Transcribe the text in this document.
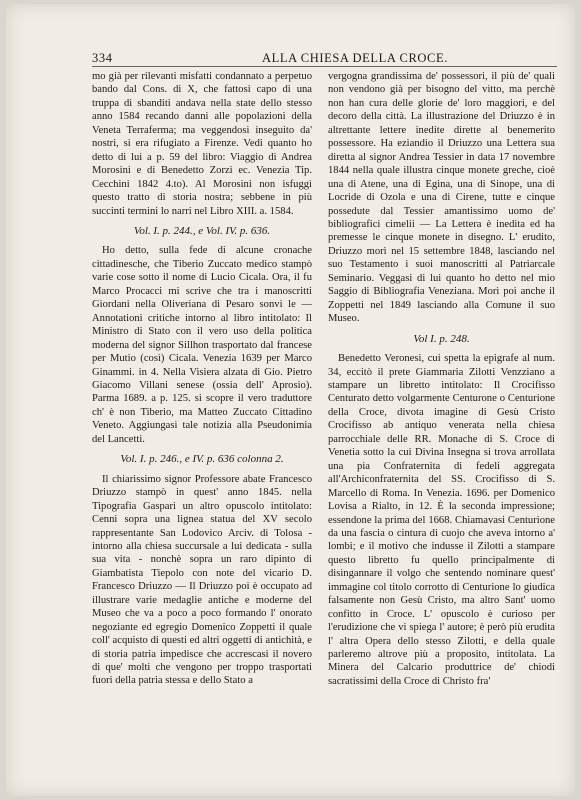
334	ALLA CHIESA DELLA CROCE.

mo già per rilevanti misfatti condannato a perpetuo bando dal Cons. di X, che fattosi capo di una truppa di sbanditi andava nella state dello stesso anno 1584 recando danni alle popolazioni della Veneta Terraferma; ma veggendosi inseguito da' nostri, si era rifugiato a Firenze. Vedi quanto ho detto di lui a p. 59 del libro: Viaggio di Andrea Morosini e di Benedetto Zorzi ec. Venezia Tip. Cecchini 1842 4.to). Al Morosini non isfuggì questo tratto di storia nostra; sebbene in più succinti termini lo narri nel Libro XIII. a. 1584.

Vol. I. p. 244., e Vol. IV. p. 636.

Ho detto, sulla fede di alcune cronache cittadinesche, che Tiberio Zuccato medico stampò varie cose sotto il nome di Lucio Cicala. Ora, il fu Marco Procacci mi scrive che tra i manoscritti Giordani nella Oliveriana di Pesaro sonvi le — Annotationi critiche intorno al libro intitolato: Il Ministro di Stato con il vero uso della politica moderna del signor Sillhon trasportato dal francese per Mutio (così) Cicala. Venezia 1639 per Marco Ginammi. in 4. Nella Visiera alzata di Gio. Pietro Giacomo Villani senese (ossia dell' Aprosio). Parma 1689. a p. 125. si scopre il vero traduttore ch' è non Tiberio, ma Matteo Zuccato Cittadino Veneto. Aggiungasi tale notizia alla Pseudonimia del Lancetti.

Vol. I. p. 246., e IV. p. 636 colonna 2.

Il chiarissimo signor Professore abate Francesco Driuzzo stampò in quest' anno 1845. nella Tipografia Gaspari un altro opuscolo intitolato: Cenni sopra una lignea statua del XV secolo rappresentante San Lodovico Arciv. di Tolosa - intorno alla chiesa succursale a lui dedicata - sulla sua vita - nonchè sopra un raro dipinto di Giambatista Tiepolo con note del vicario D. Francesco Driuzzo — Il Driuzzo poi è occupato ad illustrare varie medaglie antiche e moderne del Museo che va a poco a poco formando l' onorato negoziante ed egregio Domenico Zoppetti il quale coll' acquisto di questi ed altri oggetti di antichità, e di storia patria impedisce che accrescasi il novero di que' molti che vengono per troppo trasportati fuori della patria stessa e dello Stato a

vergogna grandissima de' possessori, il più de' quali non vendono già per bisogno del vitto, ma perchè non han cura delle glorie de' loro maggiori, e del decoro della città. La illustrazione del Driuzzo è in altrettante lettere inedite dirette al benemerito possessore. Ha eziandio il Driuzzo una Lettera sua diretta al signor Andrea Tessier in data 17 novembre 1844 nella quale illustra cinque monete greche, cioè una di Atene, una di Egina, una di Sinope, una di Locride di Ozola e una di Cirene, tutte e cinque possedute dal Tessier amantissimo uomo de' bibliografici cimelii — La Lettera è inedita ed ha premesse le cinque monete in disegno. L' erudito, Driuzzo morì nel 15 settembre 1848, lasciando nel suo Testamento i suoi manoscritti al Patriarcale Seminario. Veggasi di lui quanto ho detto nel mio Saggio di Bibliografia Veneziana. Morì poi anche il Zoppetti nel 1849 lasciando alla Comune il suo Museo.

Vol I. p. 248.

Benedetto Veronesi, cui spetta la epigrafe al num. 34, eccitò il prete Giammaria Zilotti Venzziano a stampare un libretto intitolato: Il Crocifisso Centurato detto volgarmente Centurone o Centurione della Croce, divota imagine di Gesù Cristo Crocifisso ab antiquo venerata nella chiesa parrocchiale delle RR. Monache di S. Croce di Venetia sotto la cui Divina Insegna si trova arrollata una pia Confraternita di fedeli aggregata all'Archiconfraternita del SS. Crocifisso di S. Marcello di Roma. In Venezia. 1696. per Domenico Lovisa a Rialto, in 12. È la seconda impressione; essendone la prima del 1668. Chiamavasi Centurione da una fascia o cintura di cuojo che aveva intorno a' lombi; e il motivo che indusse il Zilotti a stampare questo libretto fu quello principalmente di disingannare il volgo che sentendo nominare quest' immagine col titolo corrotto di Centurione lo giudica falsamente non Gesù Cristo, ma altro Sant' uomo confitto in Croce. L' opuscolo è curioso per l'erudizione che vi spiega l' autore; è però più erudita l' altra Opera dello stesso Zilotti, e della quale parleremo altrove più a proposito, intitolata. La Minera del Calcario produttrice de' chiodi sacratissimi della Croce di Christo fra'
